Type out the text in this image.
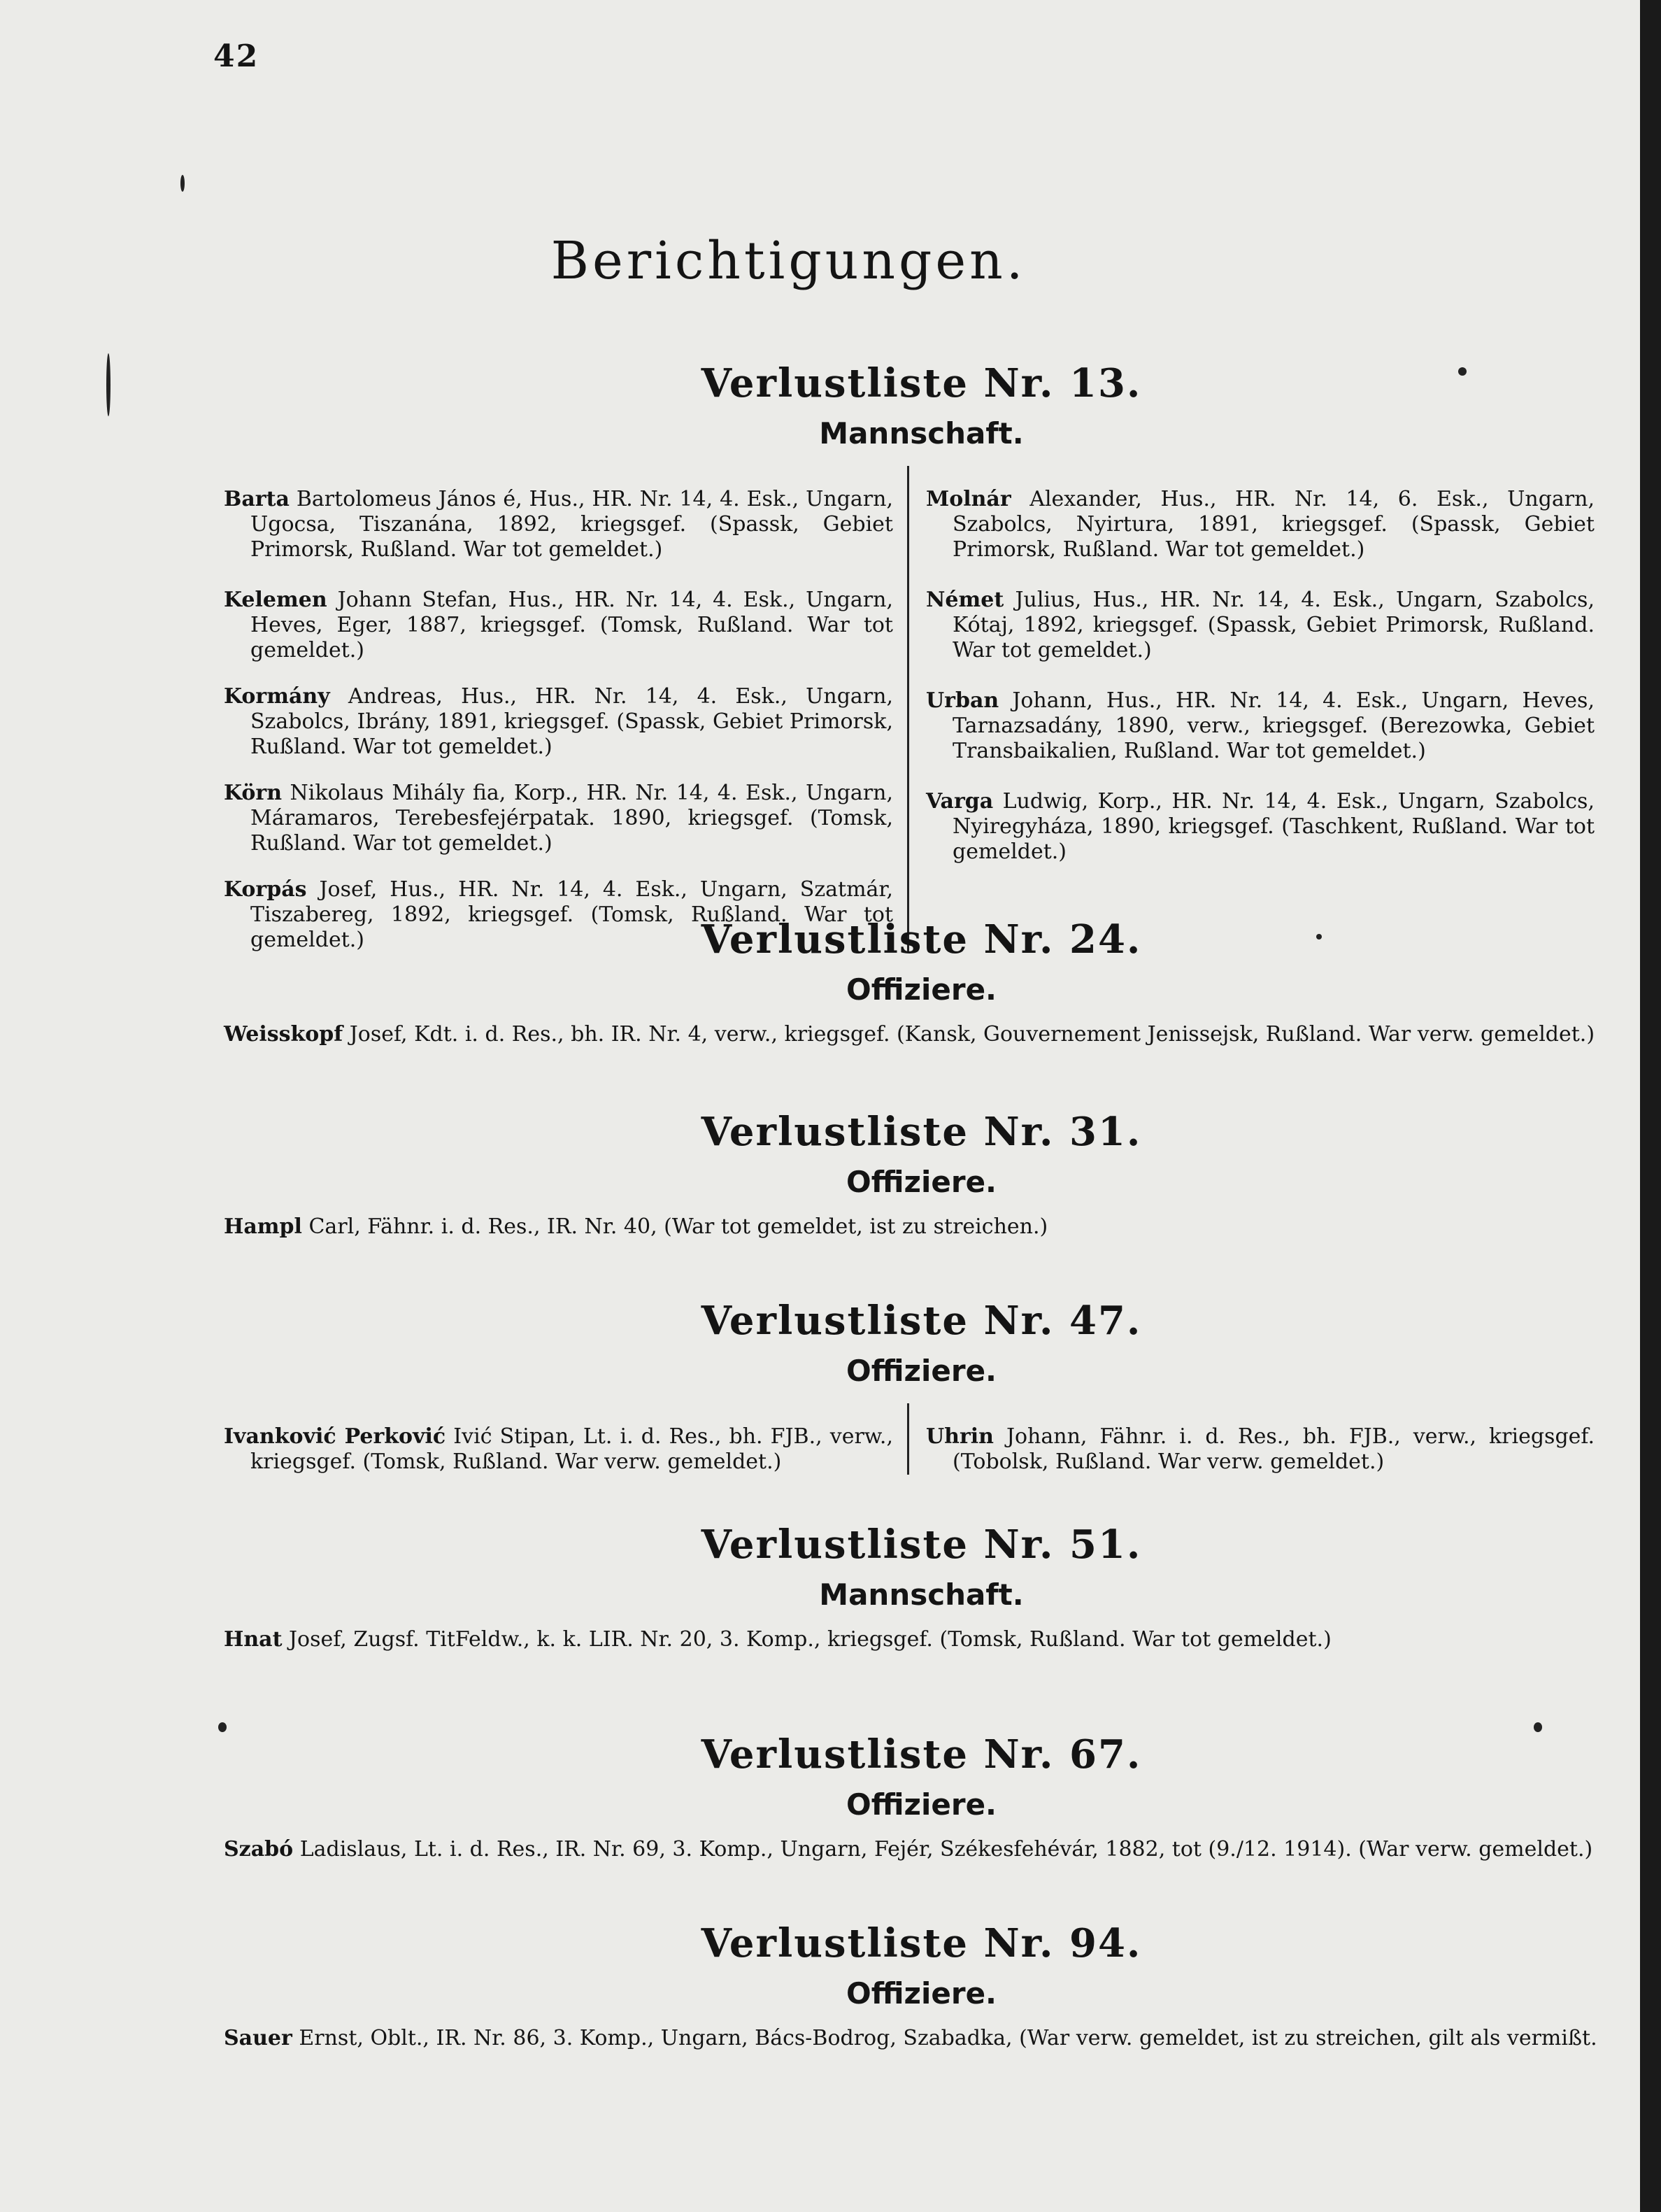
42
Berichtigungen.
Verlustliste Nr. 13.
Mannschaft.

Barta Bartolomeus János é, Hus., HR. Nr. 14, 4. Esk., Ungarn, Ugocsa, Tiszanána, 1892, kriegsgef. (Spassk, Gebiet Primorsk, Rußland. War tot gemeldet.)

Kelemen Johann Stefan, Hus., HR. Nr. 14, 4. Esk., Ungarn, Heves, Eger, 1887, kriegsgef. (Tomsk, Rußland. War tot gemeldet.)

Kormány Andreas, Hus., HR. Nr. 14, 4. Esk., Ungarn, Szabolcs, Ibrány, 1891, kriegsgef. (Spassk, Gebiet Primorsk, Rußland. War tot gemeldet.)

Körn Nikolaus Mihály fia, Korp., HR. Nr. 14, 4. Esk., Ungarn, Máramaros, Terebesfejérpatak. 1890, kriegsgef. (Tomsk, Rußland. War tot gemeldet.)

Korpás Josef, Hus., HR. Nr. 14, 4. Esk., Ungarn, Szatmár, Tiszabereg, 1892, kriegsgef. (Tomsk, Rußland. War tot gemeldet.)

Molnár Alexander, Hus., HR. Nr. 14, 6. Esk., Ungarn, Szabolcs, Nyirtura, 1891, kriegsgef. (Spassk, Gebiet Primorsk, Rußland. War tot gemeldet.)

Német Julius, Hus., HR. Nr. 14, 4. Esk., Ungarn, Szabolcs, Kótaj, 1892, kriegsgef. (Spassk, Gebiet Primorsk, Rußland. War tot gemeldet.)

Urban Johann, Hus., HR. Nr. 14, 4. Esk., Ungarn, Heves, Tarnazsadány, 1890, verw., kriegsgef. (Berezowka, Gebiet Transbaikalien, Rußland. War tot gemeldet.)

Varga Ludwig, Korp., HR. Nr. 14, 4. Esk., Ungarn, Szabolcs, Nyiregyháza, 1890, kriegsgef. (Taschkent, Rußland. War tot gemeldet.)

Verlustliste Nr. 24.
Offiziere.

Weisskopf Josef, Kdt. i. d. Res., bh. IR. Nr. 4, verw., kriegsgef. (Kansk, Gouvernement Jenissejsk, Rußland. War verw. gemeldet.)

Verlustliste Nr. 31.
Offiziere.

Hampl Carl, Fähnr. i. d. Res., IR. Nr. 40, (War tot gemeldet, ist zu streichen.)

Verlustliste Nr. 47.
Offiziere.

Ivanković Perković Ivić Stipan, Lt. i. d. Res., bh. FJB., verw., kriegsgef. (Tomsk, Rußland. War verw. gemeldet.)

Uhrin Johann, Fähnr. i. d. Res., bh. FJB., verw., kriegsgef. (Tobolsk, Rußland. War verw. gemeldet.)

Verlustliste Nr. 51.
Mannschaft.

Hnat Josef, Zugsf. TitFeldw., k. k. LIR. Nr. 20, 3. Komp., kriegsgef. (Tomsk, Rußland. War tot gemeldet.)

Verlustliste Nr. 67.
Offiziere.

Szabó Ladislaus, Lt. i. d. Res., IR. Nr. 69, 3. Komp., Ungarn, Fejér, Székesfehévár, 1882, tot (9./12. 1914). (War verw. gemeldet.)

Verlustliste Nr. 94.
Offiziere.

Sauer Ernst, Oblt., IR. Nr. 86, 3. Komp., Ungarn, Bács-Bodrog, Szabadka, (War verw. gemeldet, ist zu streichen, gilt als vermißt.
